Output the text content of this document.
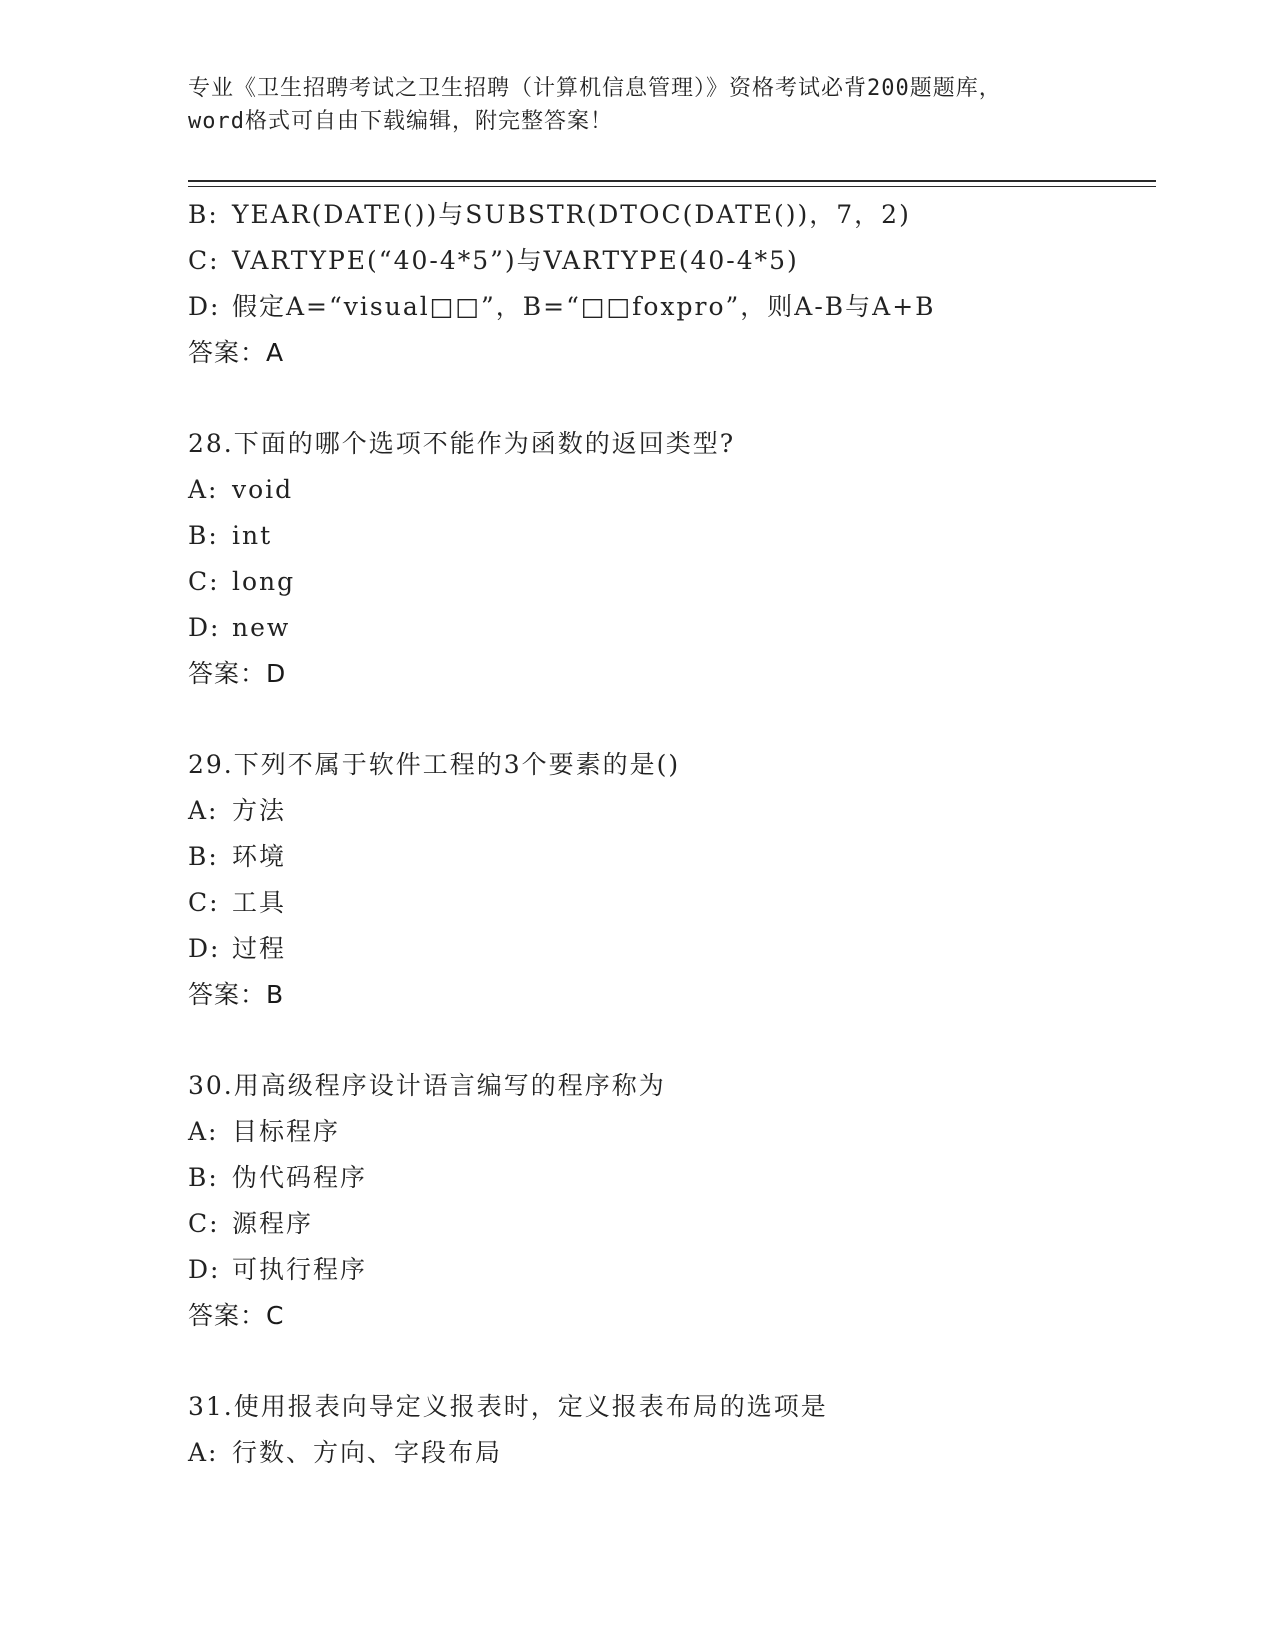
专业《卫生招聘考试之卫生招聘（计算机信息管理）》资格考试必背200题题库，
word格式可自由下载编辑，附完整答案！
B: YEAR(DATE())与SUBSTR(DTOC(DATE())，7，2)
C: VARTYPE(“40-4*5”)与VARTYPE(40-4*5)
D: 假定A=“visual□□”，B=“□□foxpro”，则A-B与A+B
答案：A
28.下面的哪个选项不能作为函数的返回类型?
A: void
B: int
C: long
D: new
答案：D
29.下列不属于软件工程的3个要素的是()
A: 方法
B: 环境
C: 工具
D: 过程
答案：B
30.用高级程序设计语言编写的程序称为
A: 目标程序
B: 伪代码程序
C: 源程序
D: 可执行程序
答案：C
31.使用报表向导定义报表时，定义报表布局的选项是
A: 行数、方向、字段布局
